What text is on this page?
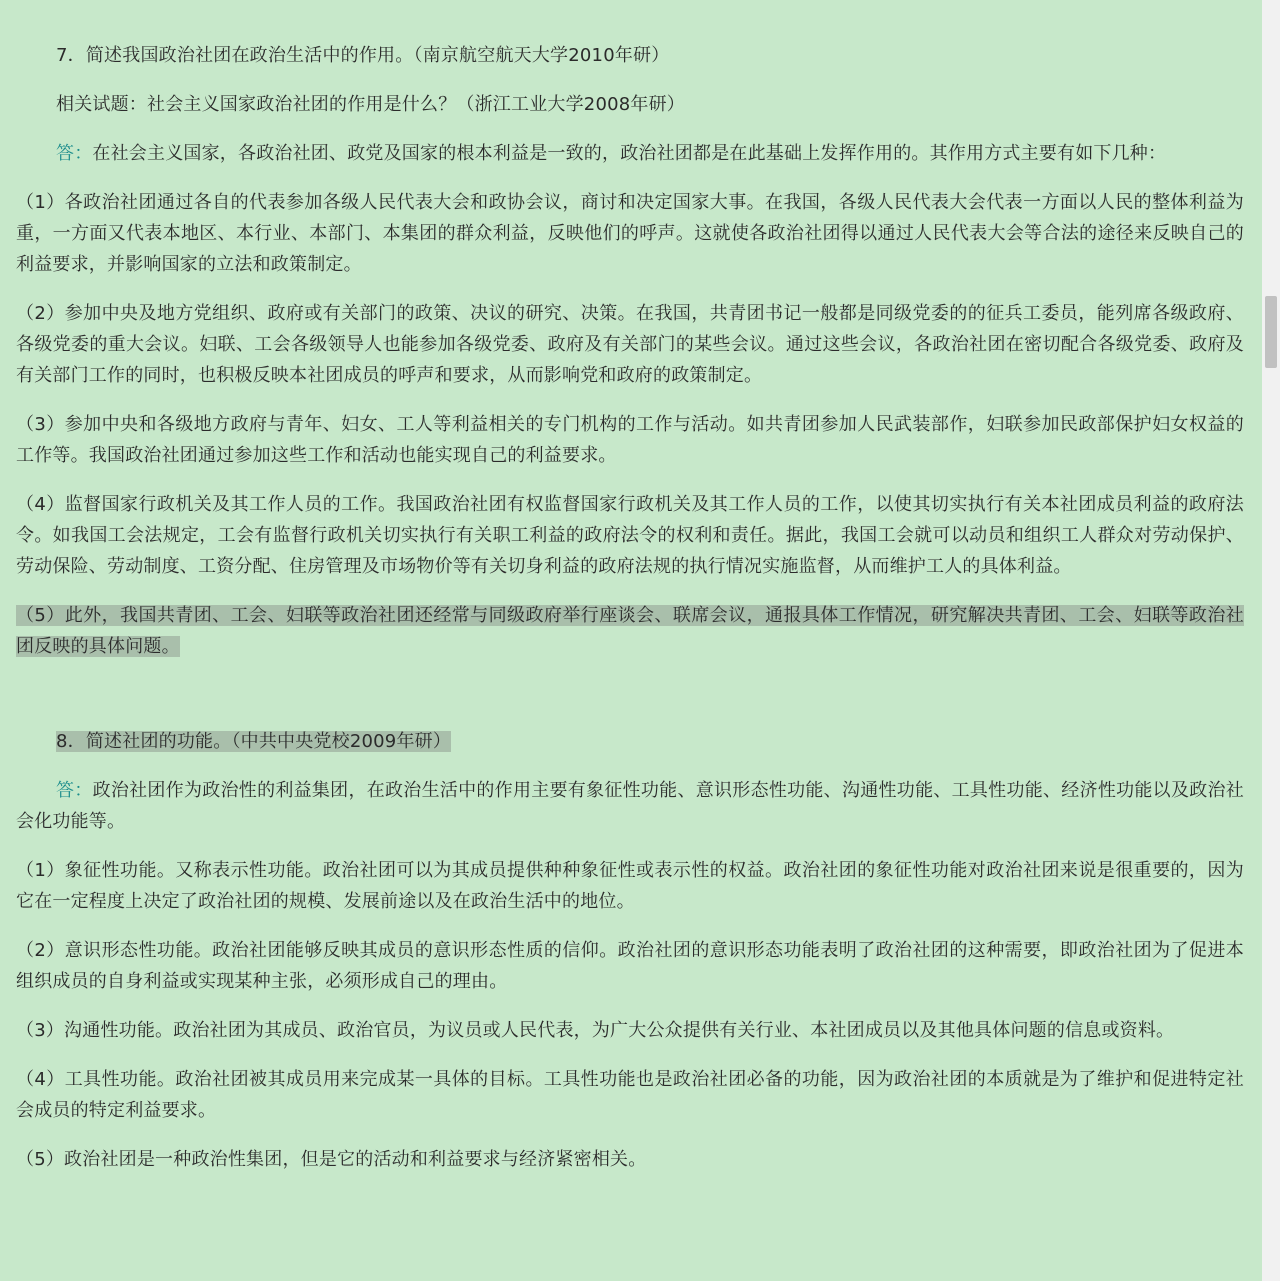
7．简述我国政治社团在政治生活中的作用。（南京航空航天大学2010年研）

相关试题：社会主义国家政治社团的作用是什么？（浙江工业大学2008年研）

答：在社会主义国家，各政治社团、政党及国家的根本利益是一致的，政治社团都是在此基础上发挥作用的。其作用方式主要有如下几种：

（1）各政治社团通过各自的代表参加各级人民代表大会和政协会议，商讨和决定国家大事。在我国，各级人民代表大会代表一方面以人民的整体利益为重，一方面又代表本地区、本行业、本部门、本集团的群众利益，反映他们的呼声。这就使各政治社团得以通过人民代表大会等合法的途径来反映自己的利益要求，并影响国家的立法和政策制定。

（2）参加中央及地方党组织、政府或有关部门的政策、决议的研究、决策。在我国，共青团书记一般都是同级党委的的征兵工委员，能列席各级政府、各级党委的重大会议。妇联、工会各级领导人也能参加各级党委、政府及有关部门的某些会议。通过这些会议，各政治社团在密切配合各级党委、政府及有关部门工作的同时，也积极反映本社团成员的呼声和要求，从而影响党和政府的政策制定。

（3）参加中央和各级地方政府与青年、妇女、工人等利益相关的专门机构的工作与活动。如共青团参加人民武装部作，妇联参加民政部保护妇女权益的工作等。我国政治社团通过参加这些工作和活动也能实现自己的利益要求。

（4）监督国家行政机关及其工作人员的工作。我国政治社团有权监督国家行政机关及其工作人员的工作，以使其切实执行有关本社团成员利益的政府法令。如我国工会法规定，工会有监督行政机关切实执行有关职工利益的政府法令的权利和责任。据此，我国工会就可以动员和组织工人群众对劳动保护、劳动保险、劳动制度、工资分配、住房管理及市场物价等有关切身利益的政府法规的执行情况实施监督，从而维护工人的具体利益。

（5）此外，我国共青团、工会、妇联等政治社团还经常与同级政府举行座谈会、联席会议，通报具体工作情况，研究解决共青团、工会、妇联等政治社团反映的具体问题。

8．简述社团的功能。（中共中央党校2009年研）

答：政治社团作为政治性的利益集团，在政治生活中的作用主要有象征性功能、意识形态性功能、沟通性功能、工具性功能、经济性功能以及政治社会化功能等。

（1）象征性功能。又称表示性功能。政治社团可以为其成员提供种种象征性或表示性的权益。政治社团的象征性功能对政治社团来说是很重要的，因为它在一定程度上决定了政治社团的规模、发展前途以及在政治生活中的地位。

（2）意识形态性功能。政治社团能够反映其成员的意识形态性质的信仰。政治社团的意识形态功能表明了政治社团的这种需要，即政治社团为了促进本组织成员的自身利益或实现某种主张，必须形成自己的理由。

（3）沟通性功能。政治社团为其成员、政治官员，为议员或人民代表，为广大公众提供有关行业、本社团成员以及其他具体问题的信息或资料。

（4）工具性功能。政治社团被其成员用来完成某一具体的目标。工具性功能也是政治社团必备的功能，因为政治社团的本质就是为了维护和促进特定社会成员的特定利益要求。

（5）政治社团是一种政治性集团，但是它的活动和利益要求与经济紧密相关。
